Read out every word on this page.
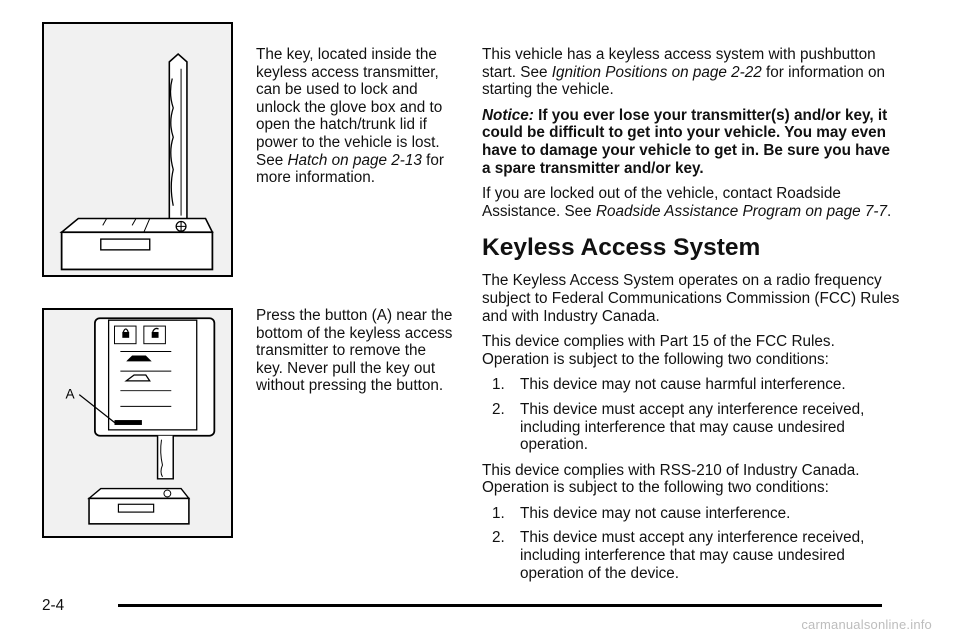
The key, located inside the keyless access transmitter, can be used to lock and unlock the glove box and to open the hatch/trunk lid if power to the vehicle is lost. See Hatch on page 2-13 for more information.
A
Press the button (A) near the bottom of the keyless access transmitter to remove the key. Never pull the key out without pressing the button.

This vehicle has a keyless access system with pushbutton start. See Ignition Positions on page 2-22 for information on starting the vehicle.

Notice: If you ever lose your transmitter(s) and/or key, it could be difficult to get into your vehicle. You may even have to damage your vehicle to get in. Be sure you have a spare transmitter and/or key.

If you are locked out of the vehicle, contact Roadside Assistance. See Roadside Assistance Program on page 7-7.

Keyless Access System

The Keyless Access System operates on a radio frequency subject to Federal Communications Commission (FCC) Rules and with Industry Canada.

This device complies with Part 15 of the FCC Rules. Operation is subject to the following two conditions:

1. This device may not cause harmful interference.
2. This device must accept any interference received, including interference that may cause undesired operation.

This device complies with RSS-210 of Industry Canada. Operation is subject to the following two conditions:

1. This device may not cause interference.
2. This device must accept any interference received, including interference that may cause undesired operation of the device.
2-4
carmanualsonline.info
